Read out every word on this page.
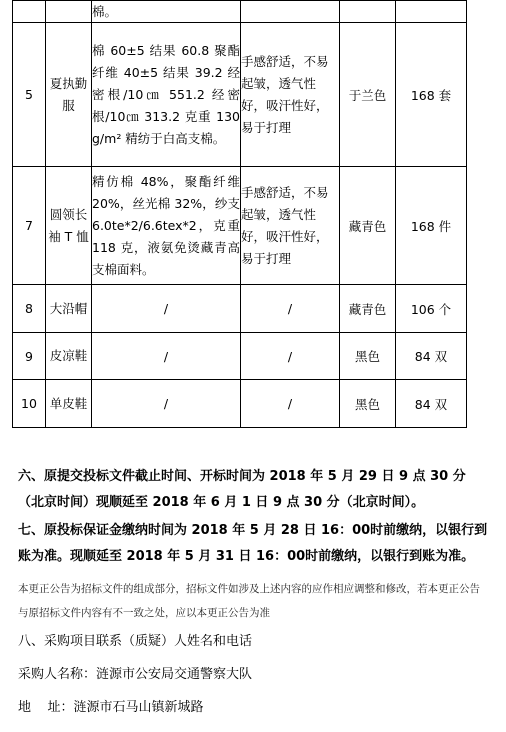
		棉。			
5	夏执勤服	棉 60±5 结果 60.8 聚酯纤维 40±5 结果 39.2 经密根/10㎝ 551.2 经密根/10㎝ 313.2 克重 130 g/m² 精纺于白高支棉。	手感舒适，不易起皱，透气性好，吸汗性好，易于打理	于兰色	168 套
7	圆领长袖 T 恤	精仿棉 48%，聚酯纤维 20%，丝光棉 32%，纱支 6.0te*2/6.6tex*2，克重 118 克，液氨免烫藏青高支棉面料。	手感舒适，不易起皱，透气性好，吸汗性好，易于打理	藏青色	168 件
8	大沿帽	/	/	藏青色	106 个
9	皮凉鞋	/	/	黑色	84 双
10	单皮鞋	/	/	黑色	84 双
六、原提交投标文件截止时间、开标时间为 2018 年 5 月 29 日 9 点 30 分（北京时间）现顺延至 2018 年 6 月 1 日 9 点 30 分（北京时间）。
七、原投标保证金缴纳时间为 2018 年 5 月 28 日 16：00时前缴纳，以银行到账为准。现顺延至 2018 年 5 月 31 日 16：00时前缴纳，以银行到账为准。
本更正公告为招标文件的组成部分，招标文件如涉及上述内容的应作相应调整和修改，若本更正公告与原招标文件内容有不一致之处，应以本更正公告为准
八、采购项目联系（质疑）人姓名和电话
采购人名称：涟源市公安局交通警察大队
地    址：涟源市石马山镇新城路
